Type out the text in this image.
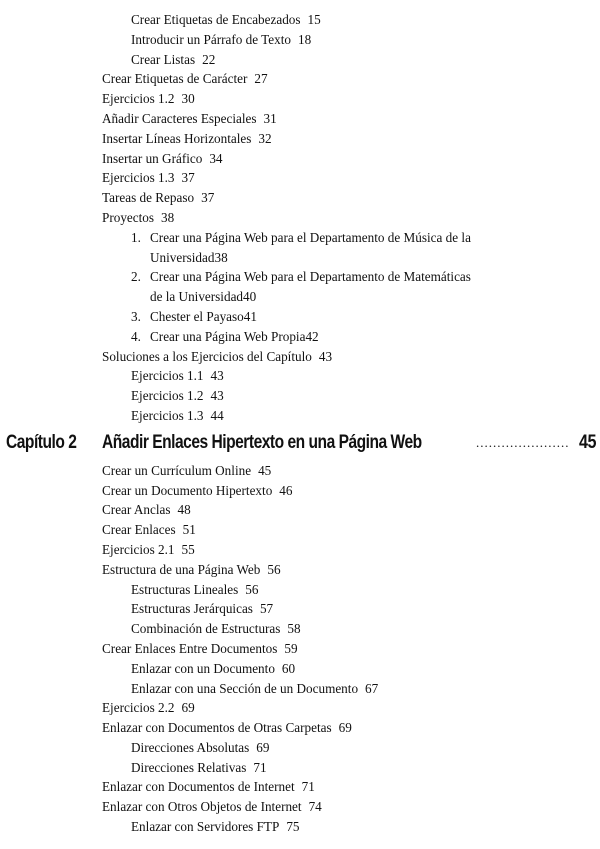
Crear Etiquetas de Encabezados 15
Introducir un Párrafo de Texto 18
Crear Listas 22
Crear Etiquetas de Carácter 27
Ejercicios 1.2 30
Añadir Caracteres Especiales 31
Insertar Líneas Horizontales 32
Insertar un Gráfico 34
Ejercicios 1.3 37
Tareas de Repaso 37
Proyectos 38
1. Crear una Página Web para el Departamento de Música de la
Universidad38
2. Crear una Página Web para el Departamento de Matemáticas
de la Universidad40
3. Chester el Payaso41
4. Crear una Página Web Propia42
Soluciones a los Ejercicios del Capítulo 43
Ejercicios 1.1 43
Ejercicios 1.2 43
Ejercicios 1.3 44
Capítulo 2 Añadir Enlaces Hipertexto en una Página Web	...................... 45
Crear un Currículum Online 45
Crear un Documento Hipertexto 46
Crear Anclas 48
Crear Enlaces 51
Ejercicios 2.1 55
Estructura de una Página Web 56
Estructuras Lineales 56
Estructuras Jerárquicas 57
Combinación de Estructuras 58
Crear Enlaces Entre Documentos 59
Enlazar con un Documento 60
Enlazar con una Sección de un Documento 67
Ejercicios 2.2 69
Enlazar con Documentos de Otras Carpetas 69
Direcciones Absolutas 69
Direcciones Relativas 71
Enlazar con Documentos de Internet 71
Enlazar con Otros Objetos de Internet 74
Enlazar con Servidores FTP 75
